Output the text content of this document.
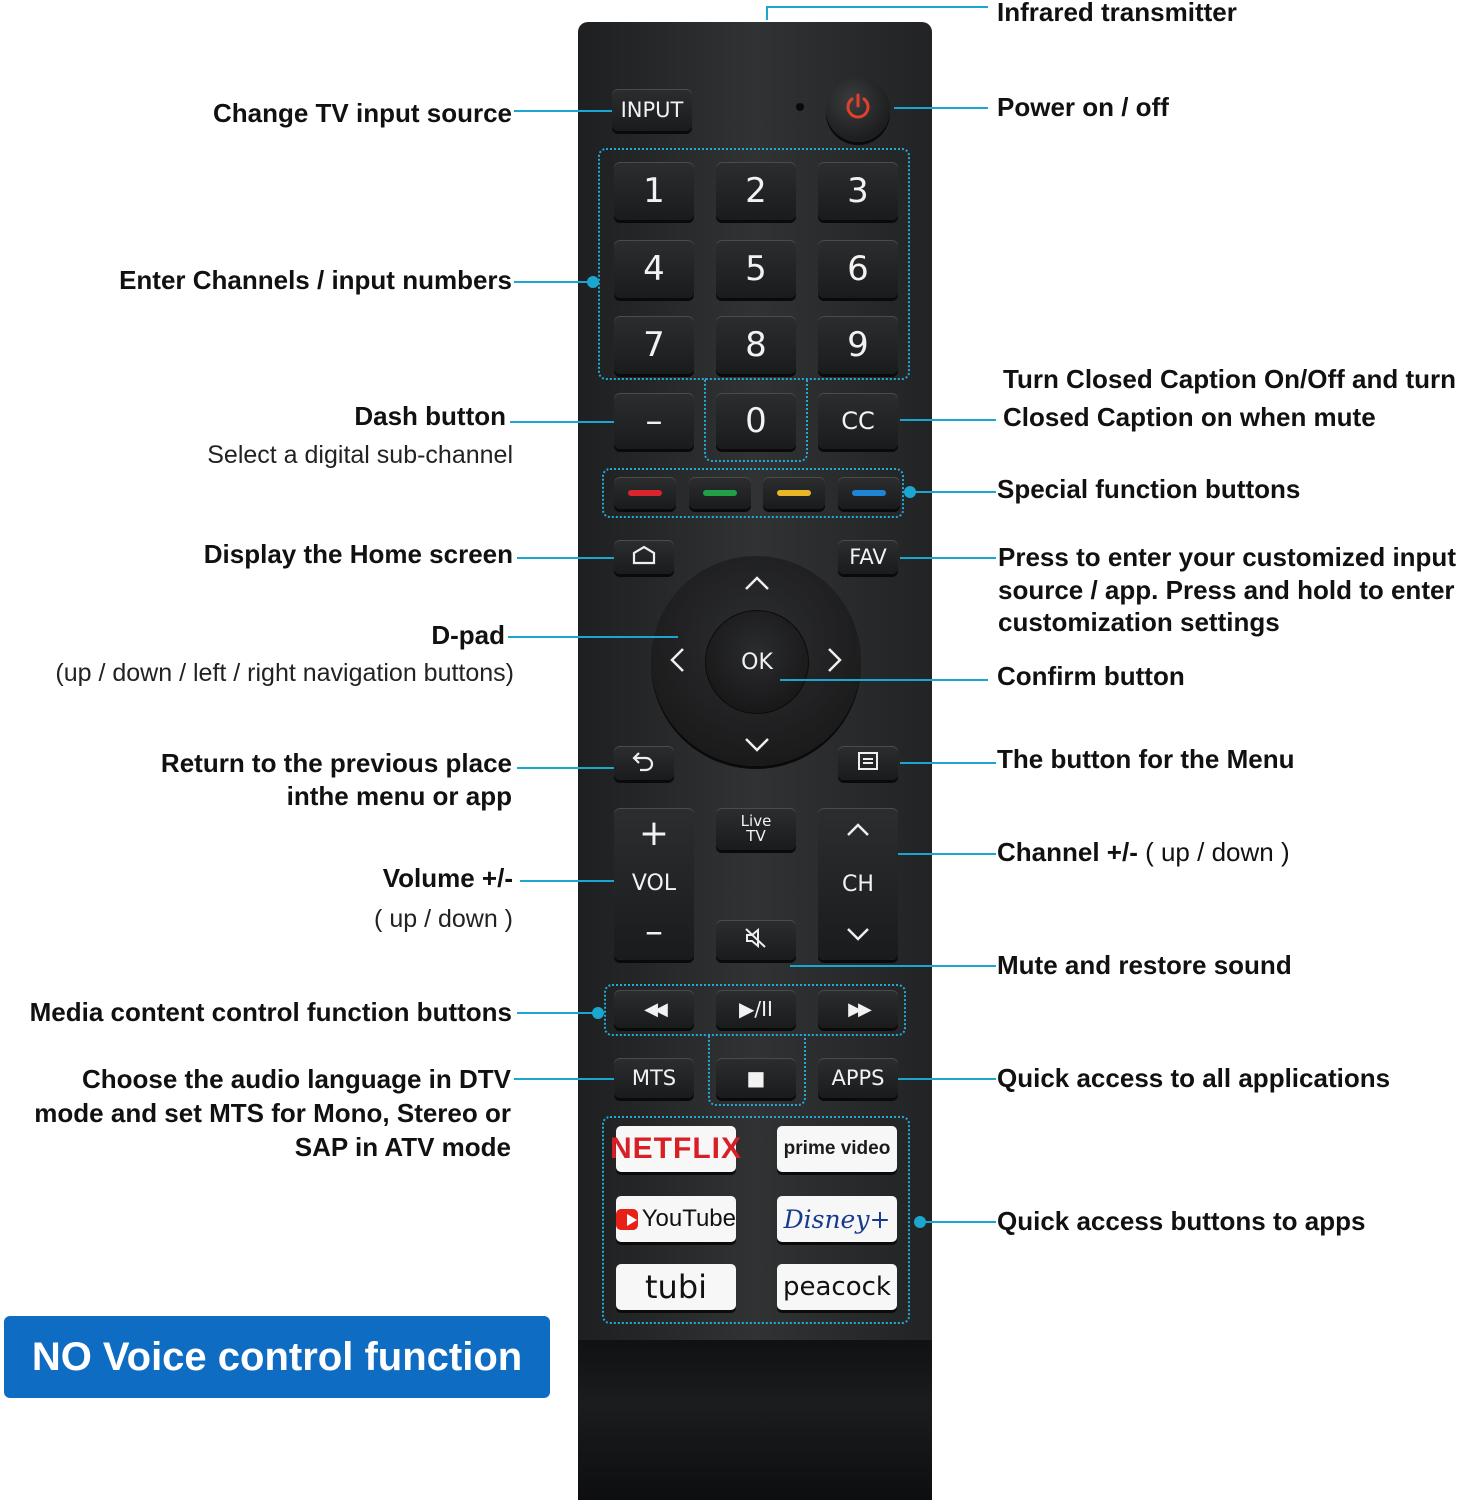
INPUT
1	2	3
4	5	6
7	8	9
–	0	CC
FAV
OK
+
VOL
–
Live
TV
CH
◀◀	▶/II	▶▶
MTS	■	APPS
NETFLIX	prime video
YouTube Disney+
tubi	peacock
Infrared transmitter
Change TV input source	Power on / off
Enter Channels / input numbers
Turn Closed Caption On/Off and turn
Closed Caption on when mute
Dash button
Select a digital sub-channel
Special function buttons
Display the Home screen	Press to enter your customized input
source / app. Press and hold to enter
customization settings
D-pad
(up / down / left / right navigation buttons)	Confirm button
Return to the previous place
inthe menu or app
The button for the Menu
Channel +/- ( up / down )
Volume +/-
( up / down )
Mute and restore sound
Media content control function buttons
Choose the audio language in DTV
mode and set MTS for Mono, Stereo or
SAP in ATV mode
Quick access to all applications
Quick access buttons to apps
NO Voice control function
